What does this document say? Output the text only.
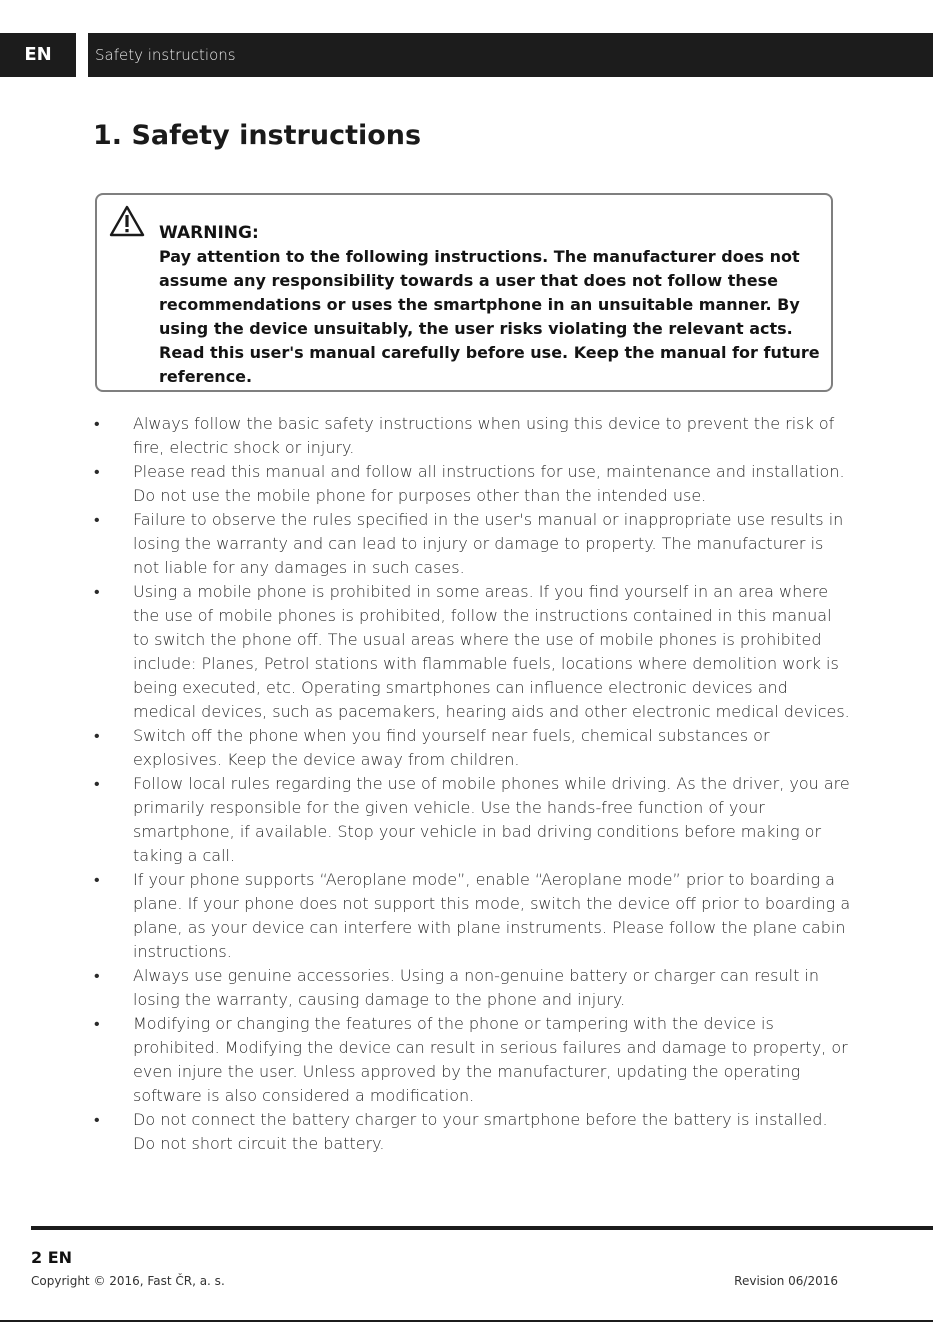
EN	Safety instructions
1. Safety instructions

WARNING:

Pay attention to the following instructions. The manufacturer does not assume any responsibility towards a user that does not follow these recommendations or uses the smartphone in an unsuitable manner. By using the device unsuitably, the user risks violating the relevant acts.

Read this user's manual carefully before use. Keep the manual for future reference.

• Always follow the basic safety instructions when using this device to prevent the risk of fire, electric shock or injury.
• Please read this manual and follow all instructions for use, maintenance and installation. Do not use the mobile phone for purposes other than the intended use.
• Failure to observe the rules specified in the user's manual or inappropriate use results in losing the warranty and can lead to injury or damage to property. The manufacturer is not liable for any damages in such cases.
• Using a mobile phone is prohibited in some areas. If you find yourself in an area where the use of mobile phones is prohibited, follow the instructions contained in this manual to switch the phone off. The usual areas where the use of mobile phones is prohibited include: Planes, Petrol stations with flammable fuels, locations where demolition work is being executed, etc. Operating smartphones can influence electronic devices and medical devices, such as pacemakers, hearing aids and other electronic medical devices.
• Switch off the phone when you find yourself near fuels, chemical substances or explosives. Keep the device away from children.
• Follow local rules regarding the use of mobile phones while driving. As the driver, you are primarily responsible for the given vehicle. Use the hands-free function of your smartphone, if available. Stop your vehicle in bad driving conditions before making or taking a call.
• If your phone supports “Aeroplane mode”, enable “Aeroplane mode” prior to boarding a plane. If your phone does not support this mode, switch the device off prior to boarding a plane, as your device can interfere with plane instruments. Please follow the plane cabin instructions.
• Always use genuine accessories. Using a non-genuine battery or charger can result in losing the warranty, causing damage to the phone and injury.
• Modifying or changing the features of the phone or tampering with the device is prohibited. Modifying the device can result in serious failures and damage to property, or even injure the user. Unless approved by the manufacturer, updating the operating software is also considered a modification.
• Do not connect the battery charger to your smartphone before the battery is installed. Do not short circuit the battery.
2 EN
Copyright © 2016, Fast ČR, a. s.	Revision 06/2016
